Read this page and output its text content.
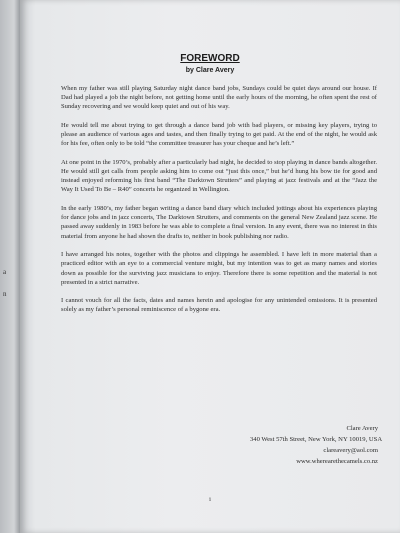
a
n
FOREWORD
by Clare Avery

When my father was still playing Saturday night dance band jobs, Sundays could be quiet days around our house. If Dad had played a job the night before, not getting home until the early hours of the morning, he often spent the rest of Sunday recovering and we would keep quiet and out of his way.

He would tell me about trying to get through a dance band job with bad players, or missing key players, trying to please an audience of various ages and tastes, and then finally trying to get paid. At the end of the night, he would ask for his fee, often only to be told “the committee treasurer has your cheque and he’s left.”

At one point in the 1970’s, probably after a particularly bad night, he decided to stop playing in dance bands altogether. He would still get calls from people asking him to come out “just this once,” but he’d hung his bow tie for good and instead enjoyed reforming his first band “The Darktown Strutters” and playing at jazz festivals and at the “Jazz the Way It Used To Be – R40” concerts he organized in Wellington.

In the early 1980’s, my father began writing a dance band diary which included jottings about his experiences playing for dance jobs and in jazz concerts, The Darktown Strutters, and comments on the general New Zealand jazz scene. He passed away suddenly in 1983 before he was able to complete a final version. In any event, there was no interest in this material from anyone he had shown the drafts to, neither in book publishing nor radio.

I have arranged his notes, together with the photos and clippings he assembled. I have left in more material than a practiced editor with an eye to a commercial venture might, but my intention was to get as many names and stories down as possible for the surviving jazz musicians to enjoy. Therefore there is some repetition and the material is not presented in a strict narrative.

I cannot vouch for all the facts, dates and names herein and apologise for any unintended omissions. It is presented solely as my father’s personal reminiscence of a bygone era.

Clare Avery
340 West 57th Street, New York, NY 10019, USA
clareavery@aol.com
www.wherearethecamels.co.nz
i
